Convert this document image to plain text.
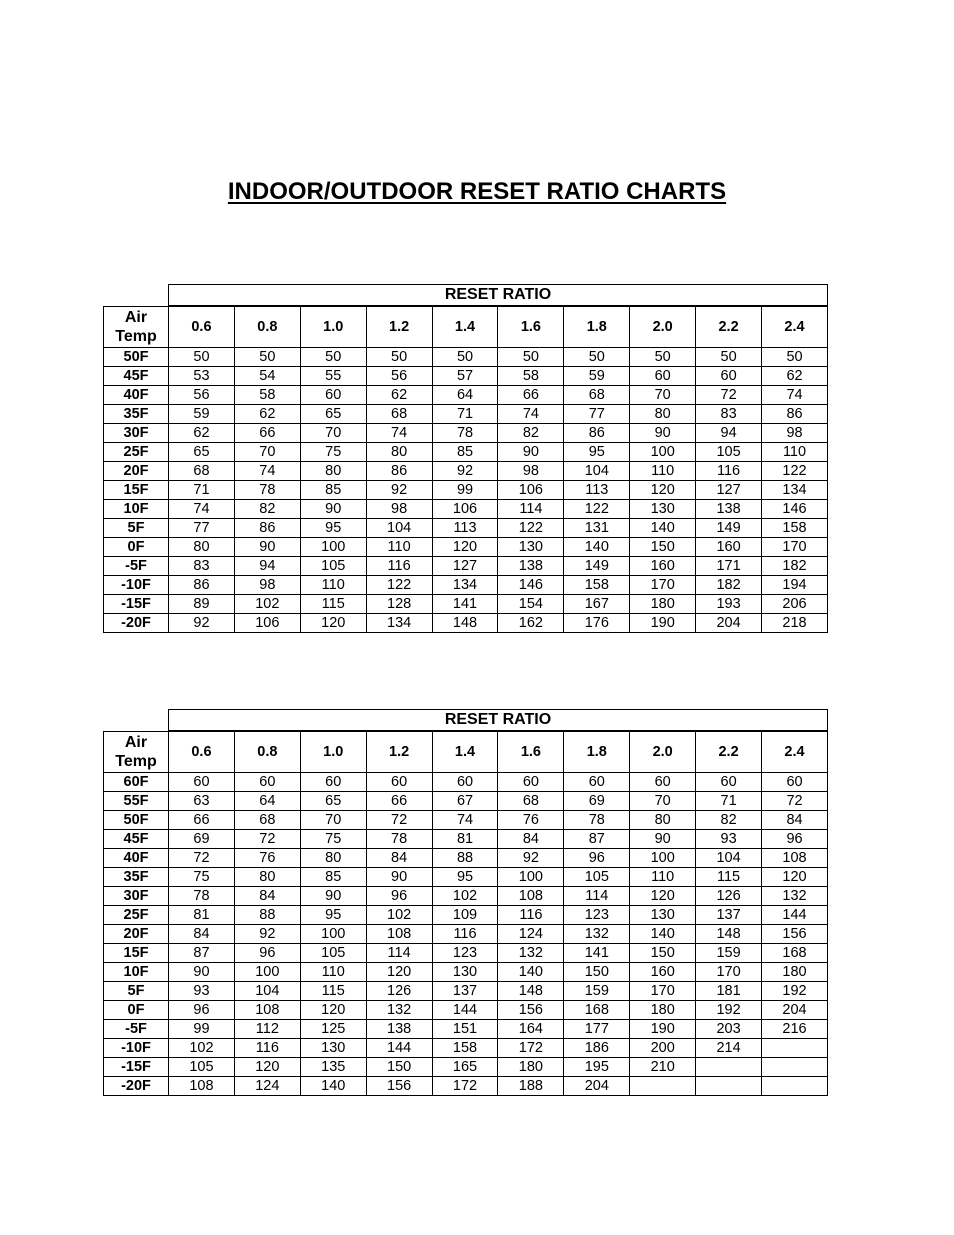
INDOOR/OUTDOOR RESET RATIO CHARTS
	RESET RATIO									

Air
Temp	0.6	0.8	1.0	1.2	1.4	1.6	1.8	2.0	2.2	2.4
50F	50	50	50	50	50	50	50	50	50	50
45F	53	54	55	56	57	58	59	60	60	62
40F	56	58	60	62	64	66	68	70	72	74
35F	59	62	65	68	71	74	77	80	83	86
30F	62	66	70	74	78	82	86	90	94	98
25F	65	70	75	80	85	90	95	100	105	110
20F	68	74	80	86	92	98	104	110	116	122
15F	71	78	85	92	99	106	113	120	127	134
10F	74	82	90	98	106	114	122	130	138	146
5F	77	86	95	104	113	122	131	140	149	158
0F	80	90	100	110	120	130	140	150	160	170
-5F	83	94	105	116	127	138	149	160	171	182
-10F	86	98	110	122	134	146	158	170	182	194
-15F	89	102	115	128	141	154	167	180	193	206
-20F	92	106	120	134	148	162	176	190	204	218
	RESET RATIO									

Air
Temp	0.6	0.8	1.0	1.2	1.4	1.6	1.8	2.0	2.2	2.4
60F	60	60	60	60	60	60	60	60	60	60
55F	63	64	65	66	67	68	69	70	71	72
50F	66	68	70	72	74	76	78	80	82	84
45F	69	72	75	78	81	84	87	90	93	96
40F	72	76	80	84	88	92	96	100	104	108
35F	75	80	85	90	95	100	105	110	115	120
30F	78	84	90	96	102	108	114	120	126	132
25F	81	88	95	102	109	116	123	130	137	144
20F	84	92	100	108	116	124	132	140	148	156
15F	87	96	105	114	123	132	141	150	159	168
10F	90	100	110	120	130	140	150	160	170	180
5F	93	104	115	126	137	148	159	170	181	192
0F	96	108	120	132	144	156	168	180	192	204
-5F	99	112	125	138	151	164	177	190	203	216
-10F	102	116	130	144	158	172	186	200	214	
-15F	105	120	135	150	165	180	195	210		
-20F	108	124	140	156	172	188	204			
